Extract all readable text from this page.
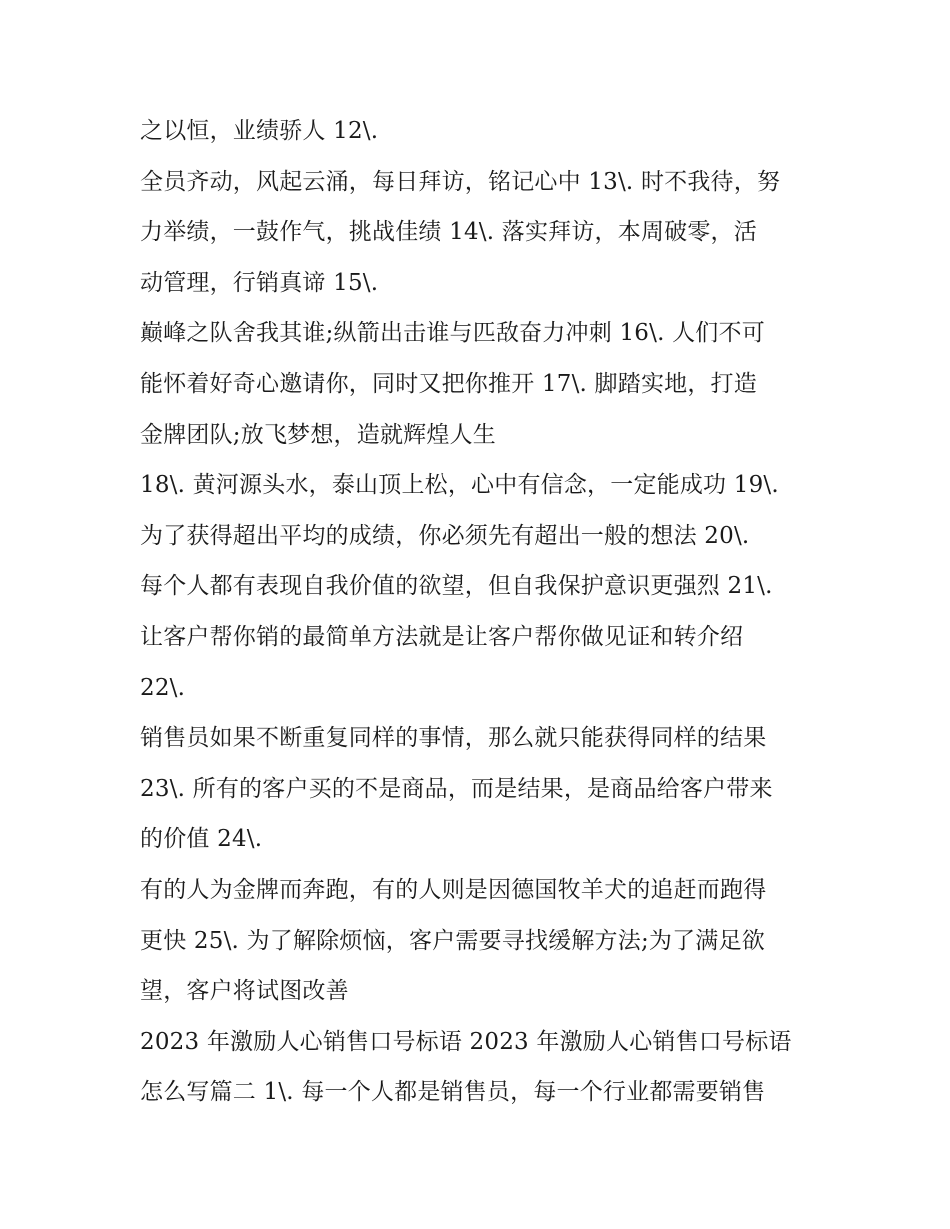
之以恒，业绩骄人 12\.
全员齐动，风起云涌，每日拜访，铭记心中 13\. 时不我待，努
力举绩，一鼓作气，挑战佳绩 14\. 落实拜访，本周破零，活
动管理，行销真谛 15\.
巅峰之队舍我其谁;纵箭出击谁与匹敌奋力冲刺 16\. 人们不可
能怀着好奇心邀请你，同时又把你推开 17\. 脚踏实地，打造
金牌团队;放飞梦想，造就辉煌人生
18\. 黄河源头水，泰山顶上松，心中有信念，一定能成功 19\.
为了获得超出平均的成绩，你必须先有超出一般的想法 20\.
每个人都有表现自我价值的欲望，但自我保护意识更强烈 21\.
让客户帮你销的最简单方法就是让客户帮你做见证和转介绍
22\.
销售员如果不断重复同样的事情，那么就只能获得同样的结果
23\. 所有的客户买的不是商品，而是结果，是商品给客户带来
的价值 24\.
有的人为金牌而奔跑，有的人则是因德国牧羊犬的追赶而跑得
更快 25\. 为了解除烦恼，客户需要寻找缓解方法;为了满足欲
望，客户将试图改善
2023 年激励人心销售口号标语 2023 年激励人心销售口号标语
怎么写篇二 1\. 每一个人都是销售员，每一个行业都需要销售
